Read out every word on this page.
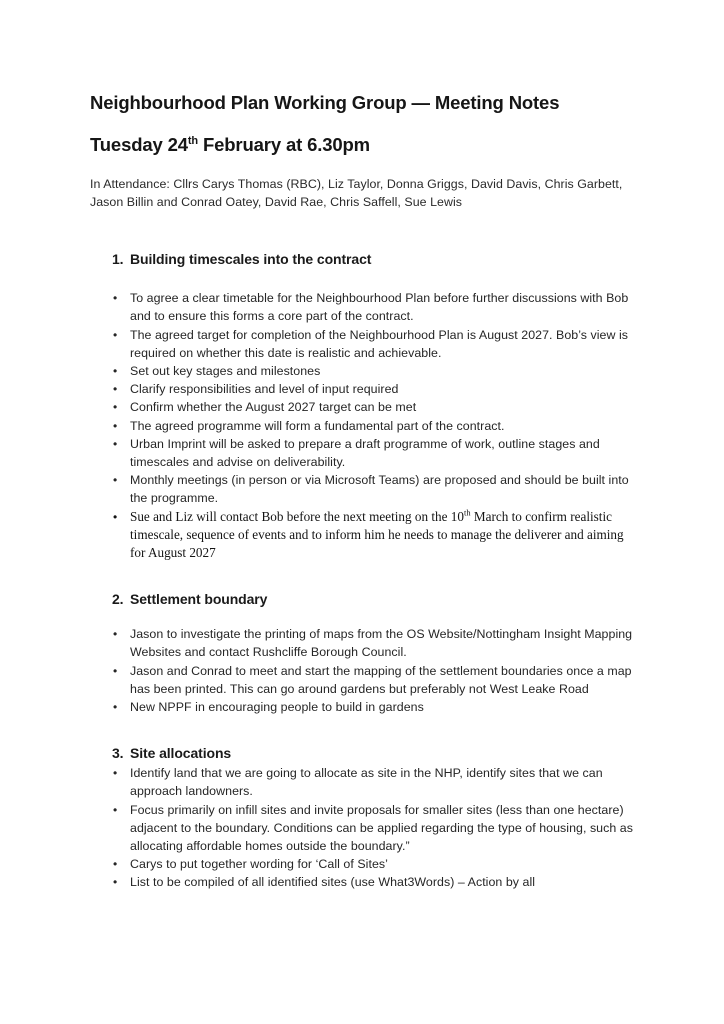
Neighbourhood Plan Working Group — Meeting Notes
Tuesday 24th February at 6.30pm

In Attendance: Cllrs Carys Thomas (RBC), Liz Taylor, Donna Griggs, David Davis, Chris Garbett, Jason Billin and Conrad Oatey, David Rae, Chris Saffell, Sue Lewis

1. Building timescales into the contract
•	To agree a clear timetable for the Neighbourhood Plan before further discussions with Bob and to ensure this forms a core part of the contract.
•	The agreed target for completion of the Neighbourhood Plan is August 2027. Bob’s view is required on whether this date is realistic and achievable.
•	Set out key stages and milestones
•	Clarify responsibilities and level of input required
•	Confirm whether the August 2027 target can be met
•	The agreed programme will form a fundamental part of the contract.
•	Urban Imprint will be asked to prepare a draft programme of work, outline stages and timescales and advise on deliverability.
•	Monthly meetings (in person or via Microsoft Teams) are proposed and should be built into the programme.
• Sue and Liz will contact Bob before the next meeting on the 10th March to confirm realistic timescale, sequence of events and to inform him he needs to manage the deliverer and aiming for August 2027
2. Settlement boundary
•	Jason to investigate the printing of maps from the OS Website/Nottingham Insight Mapping Websites and contact Rushcliffe Borough Council.
•	Jason and Conrad to meet and start the mapping of the settlement boundaries once a map has been printed. This can go around gardens but preferably not West Leake Road
•	New NPPF in encouraging people to build in gardens
3. Site allocations
•	Identify land that we are going to allocate as site in the NHP, identify sites that we can approach landowners.
•	Focus primarily on infill sites and invite proposals for smaller sites (less than one hectare) adjacent to the boundary. Conditions can be applied regarding the type of housing, such as allocating affordable homes outside the boundary.”
•	Carys to put together wording for ‘Call of Sites’
•	List to be compiled of all identified sites (use What3Words) – Action by all
